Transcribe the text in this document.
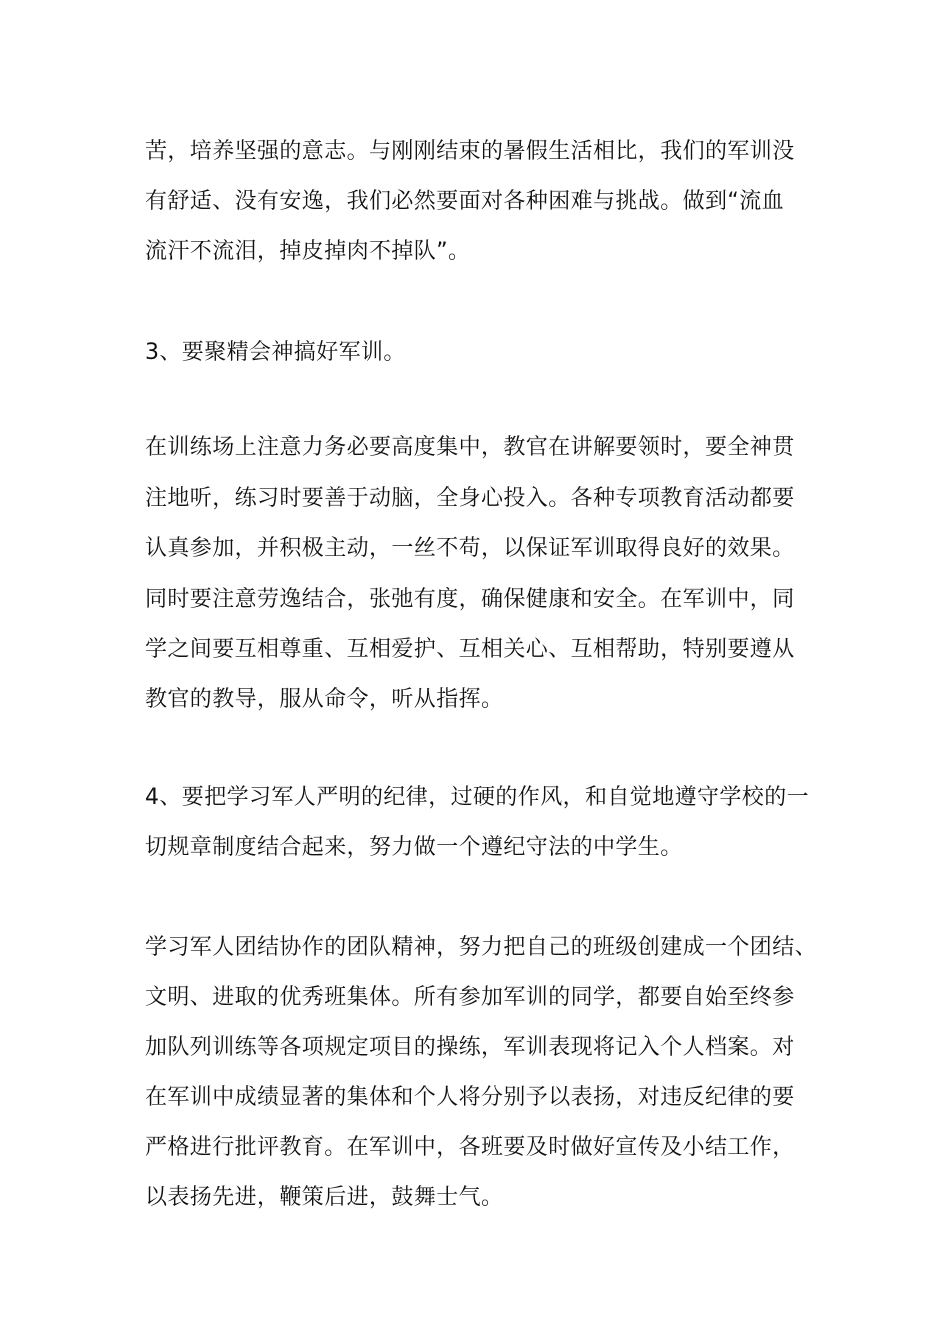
苦，培养坚强的意志。与刚刚结束的暑假生活相比，我们的军训没
有舒适、没有安逸，我们必然要面对各种困难与挑战。做到“流血
流汗不流泪，掉皮掉肉不掉队”。
3、要聚精会神搞好军训。
在训练场上注意力务必要高度集中，教官在讲解要领时，要全神贯
注地听，练习时要善于动脑，全身心投入。各种专项教育活动都要
认真参加，并积极主动，一丝不苟，以保证军训取得良好的效果。
同时要注意劳逸结合，张弛有度，确保健康和安全。在军训中，同
学之间要互相尊重、互相爱护、互相关心、互相帮助，特别要遵从
教官的教导，服从命令，听从指挥。
4、要把学习军人严明的纪律，过硬的作风，和自觉地遵守学校的一
切规章制度结合起来，努力做一个遵纪守法的中学生。
学习军人团结协作的团队精神，努力把自己的班级创建成一个团结、
文明、进取的优秀班集体。所有参加军训的同学，都要自始至终参
加队列训练等各项规定项目的操练，军训表现将记入个人档案。对
在军训中成绩显著的集体和个人将分别予以表扬，对违反纪律的要
严格进行批评教育。在军训中，各班要及时做好宣传及小结工作，
以表扬先进，鞭策后进，鼓舞士气。
